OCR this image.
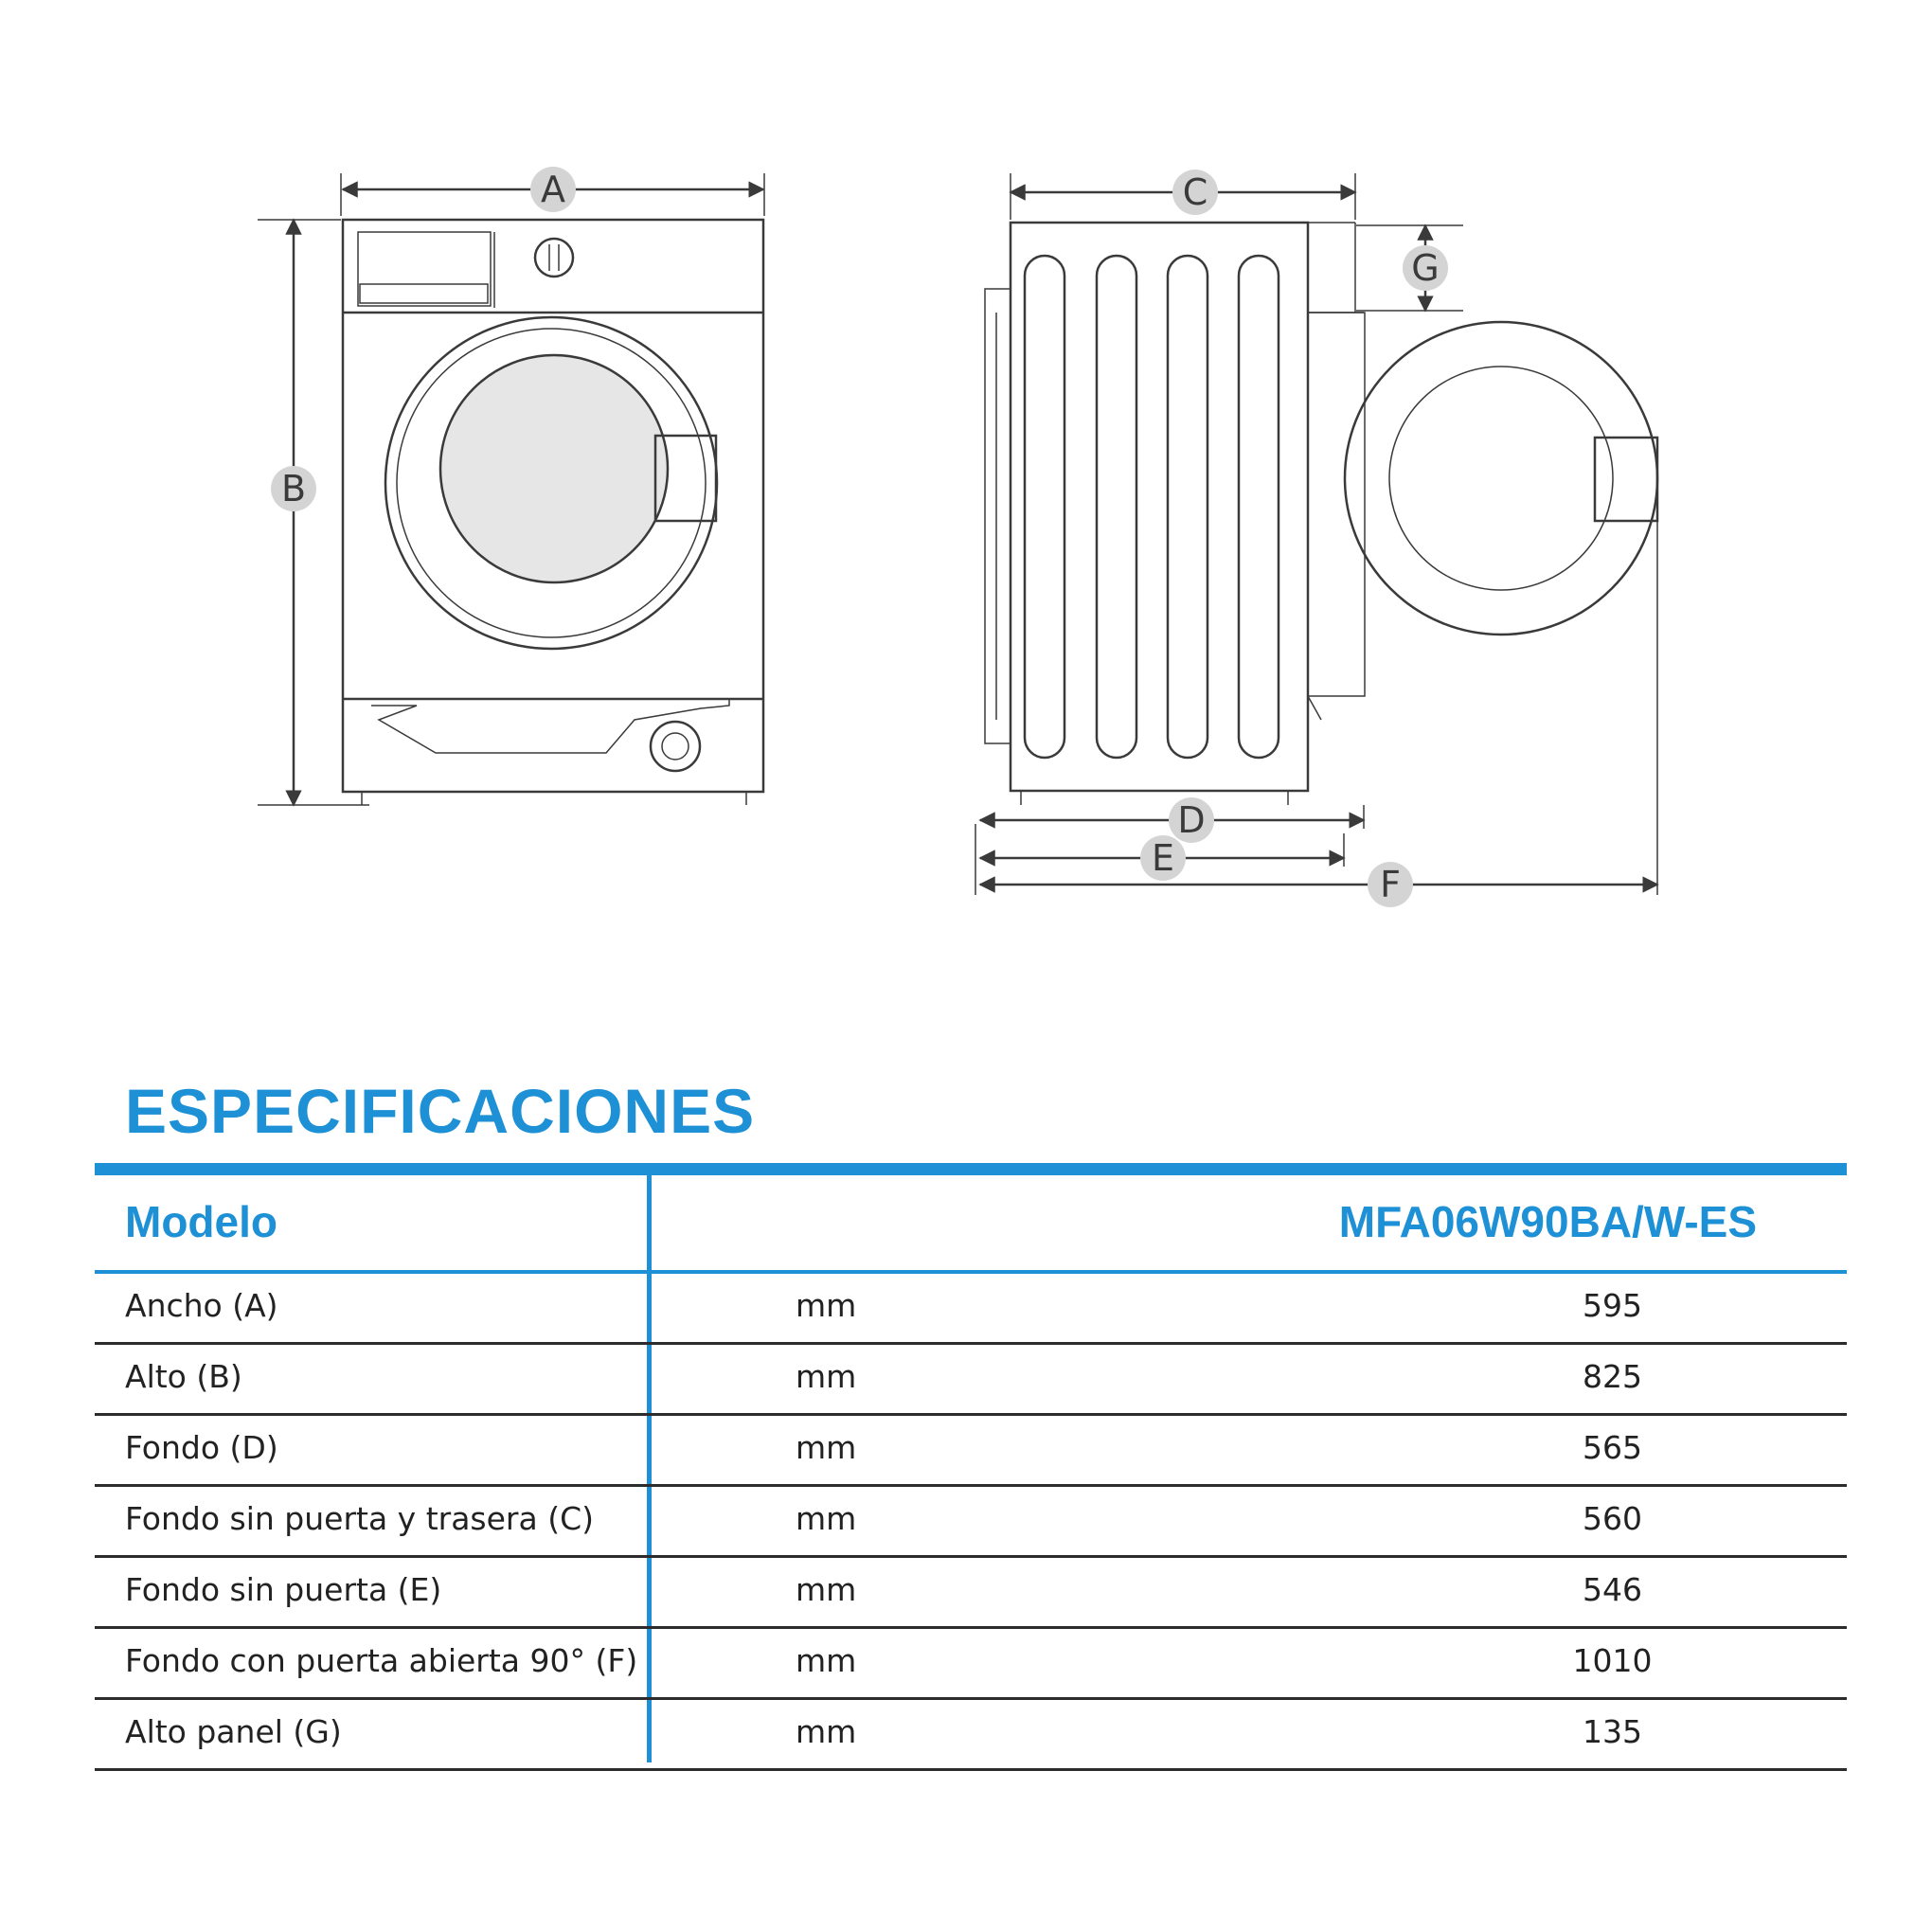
A
B
C
G
D
E
F
ESPECIFICACIONES
Modelo	MFA06W90BA/W-ES
Ancho (A)	mm	595
Alto (B)	mm	825
Fondo (D)	mm	565
Fondo sin puerta y trasera (C)	mm	560
Fondo sin puerta (E)	mm	546
Fondo con puerta abierta 90° (F)	mm	1010
Alto panel (G)	mm	135
